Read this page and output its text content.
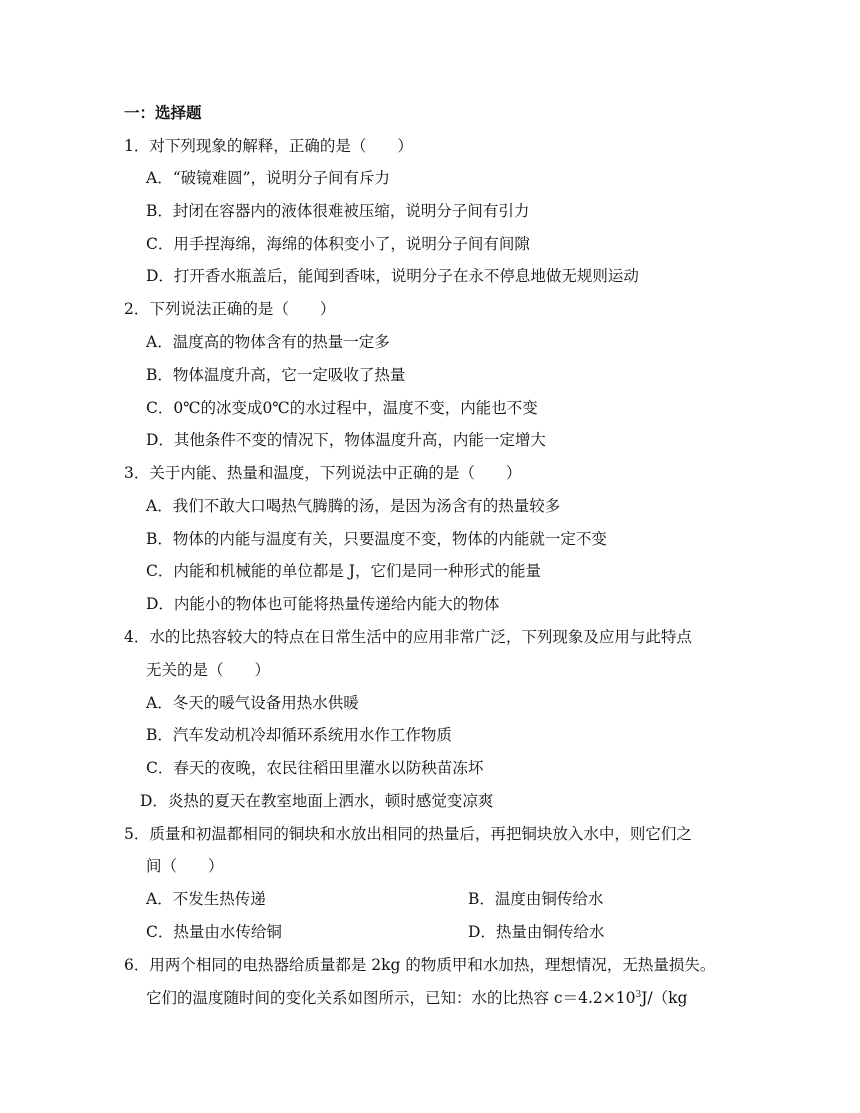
一：选择题
1．对下列现象的解释，正确的是（　　）
A．“破镜难圆”，说明分子间有斥力
B．封闭在容器内的液体很难被压缩，说明分子间有引力
C．用手捏海绵，海绵的体积变小了，说明分子间有间隙
D．打开香水瓶盖后，能闻到香味，说明分子在永不停息地做无规则运动
2．下列说法正确的是（　　）
A．温度高的物体含有的热量一定多
B．物体温度升高，它一定吸收了热量
C．0℃的冰变成0℃的水过程中，温度不变，内能也不变
D．其他条件不变的情况下，物体温度升高，内能一定增大
3．关于内能、热量和温度，下列说法中正确的是（　　）
A．我们不敢大口喝热气腾腾的汤，是因为汤含有的热量较多
B．物体的内能与温度有关，只要温度不变，物体的内能就一定不变
C．内能和机械能的单位都是 J，它们是同一种形式的能量
D．内能小的物体也可能将热量传递给内能大的物体
4．水的比热容较大的特点在日常生活中的应用非常广泛，下列现象及应用与此特点
无关的是（　　）
A．冬天的暖气设备用热水供暖
B．汽车发动机冷却循环系统用水作工作物质
C．春天的夜晚，农民往稻田里灌水以防秧苗冻坏
D．炎热的夏天在教室地面上洒水，顿时感觉变凉爽
5．质量和初温都相同的铜块和水放出相同的热量后，再把铜块放入水中，则它们之
间（　　）
A．不发生热传递	B．温度由铜传给水
C．热量由水传给铜	D．热量由铜传给水
6．用两个相同的电热器给质量都是 2kg 的物质甲和水加热，理想情况，无热量损失。
它们的温度随时间的变化关系如图所示，已知：水的比热容 $c=4.2\times 10^3J/(kg$
